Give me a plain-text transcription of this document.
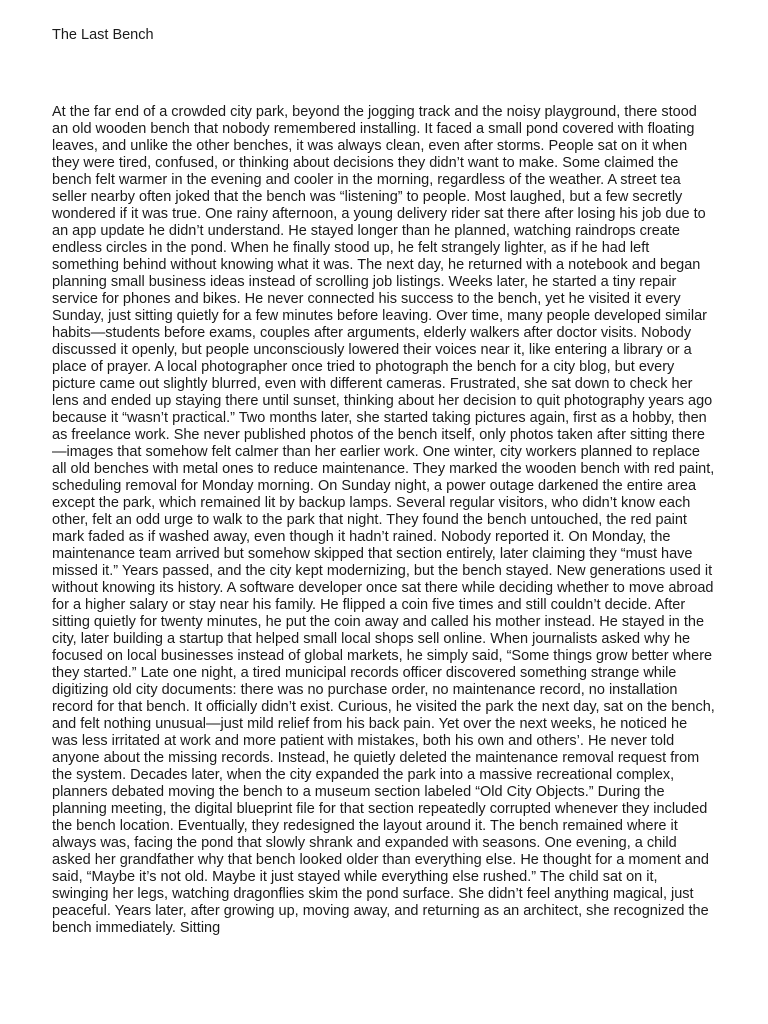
The Last Bench

At the far end of a crowded city park, beyond the jogging track and the noisy playground, there stood an old wooden bench that nobody remembered installing. It faced a small pond covered with floating leaves, and unlike the other benches, it was always clean, even after storms. People sat on it when they were tired, confused, or thinking about decisions they didn’t want to make. Some claimed the bench felt warmer in the evening and cooler in the morning, regardless of the weather. A street tea seller nearby often joked that the bench was “listening” to people. Most laughed, but a few secretly wondered if it was true. One rainy afternoon, a young delivery rider sat there after losing his job due to an app update he didn’t understand. He stayed longer than he planned, watching raindrops create endless circles in the pond. When he finally stood up, he felt strangely lighter, as if he had left something behind without knowing what it was. The next day, he returned with a notebook and began planning small business ideas instead of scrolling job listings. Weeks later, he started a tiny repair service for phones and bikes. He never connected his success to the bench, yet he visited it every Sunday, just sitting quietly for a few minutes before leaving. Over time, many people developed similar habits—students before exams, couples after arguments, elderly walkers after doctor visits. Nobody discussed it openly, but people unconsciously lowered their voices near it, like entering a library or a place of prayer. A local photographer once tried to photograph the bench for a city blog, but every picture came out slightly blurred, even with different cameras. Frustrated, she sat down to check her lens and ended up staying there until sunset, thinking about her decision to quit photography years ago because it “wasn’t practical.” Two months later, she started taking pictures again, first as a hobby, then as freelance work. She never published photos of the bench itself, only photos taken after sitting there—images that somehow felt calmer than her earlier work. One winter, city workers planned to replace all old benches with metal ones to reduce maintenance. They marked the wooden bench with red paint, scheduling removal for Monday morning. On Sunday night, a power outage darkened the entire area except the park, which remained lit by backup lamps. Several regular visitors, who didn’t know each other, felt an odd urge to walk to the park that night. They found the bench untouched, the red paint mark faded as if washed away, even though it hadn’t rained. Nobody reported it. On Monday, the maintenance team arrived but somehow skipped that section entirely, later claiming they “must have missed it.” Years passed, and the city kept modernizing, but the bench stayed. New generations used it without knowing its history. A software developer once sat there while deciding whether to move abroad for a higher salary or stay near his family. He flipped a coin five times and still couldn’t decide. After sitting quietly for twenty minutes, he put the coin away and called his mother instead. He stayed in the city, later building a startup that helped small local shops sell online. When journalists asked why he focused on local businesses instead of global markets, he simply said, “Some things grow better where they started.” Late one night, a tired municipal records officer discovered something strange while digitizing old city documents: there was no purchase order, no maintenance record, no installation record for that bench. It officially didn’t exist. Curious, he visited the park the next day, sat on the bench, and felt nothing unusual—just mild relief from his back pain. Yet over the next weeks, he noticed he was less irritated at work and more patient with mistakes, both his own and others’. He never told anyone about the missing records. Instead, he quietly deleted the maintenance removal request from the system. Decades later, when the city expanded the park into a massive recreational complex, planners debated moving the bench to a museum section labeled “Old City Objects.” During the planning meeting, the digital blueprint file for that section repeatedly corrupted whenever they included the bench location. Eventually, they redesigned the layout around it. The bench remained where it always was, facing the pond that slowly shrank and expanded with seasons. One evening, a child asked her grandfather why that bench looked older than everything else. He thought for a moment and said, “Maybe it’s not old. Maybe it just stayed while everything else rushed.” The child sat on it, swinging her legs, watching dragonflies skim the pond surface. She didn’t feel anything magical, just peaceful. Years later, after growing up, moving away, and returning as an architect, she recognized the bench immediately. Sitting
